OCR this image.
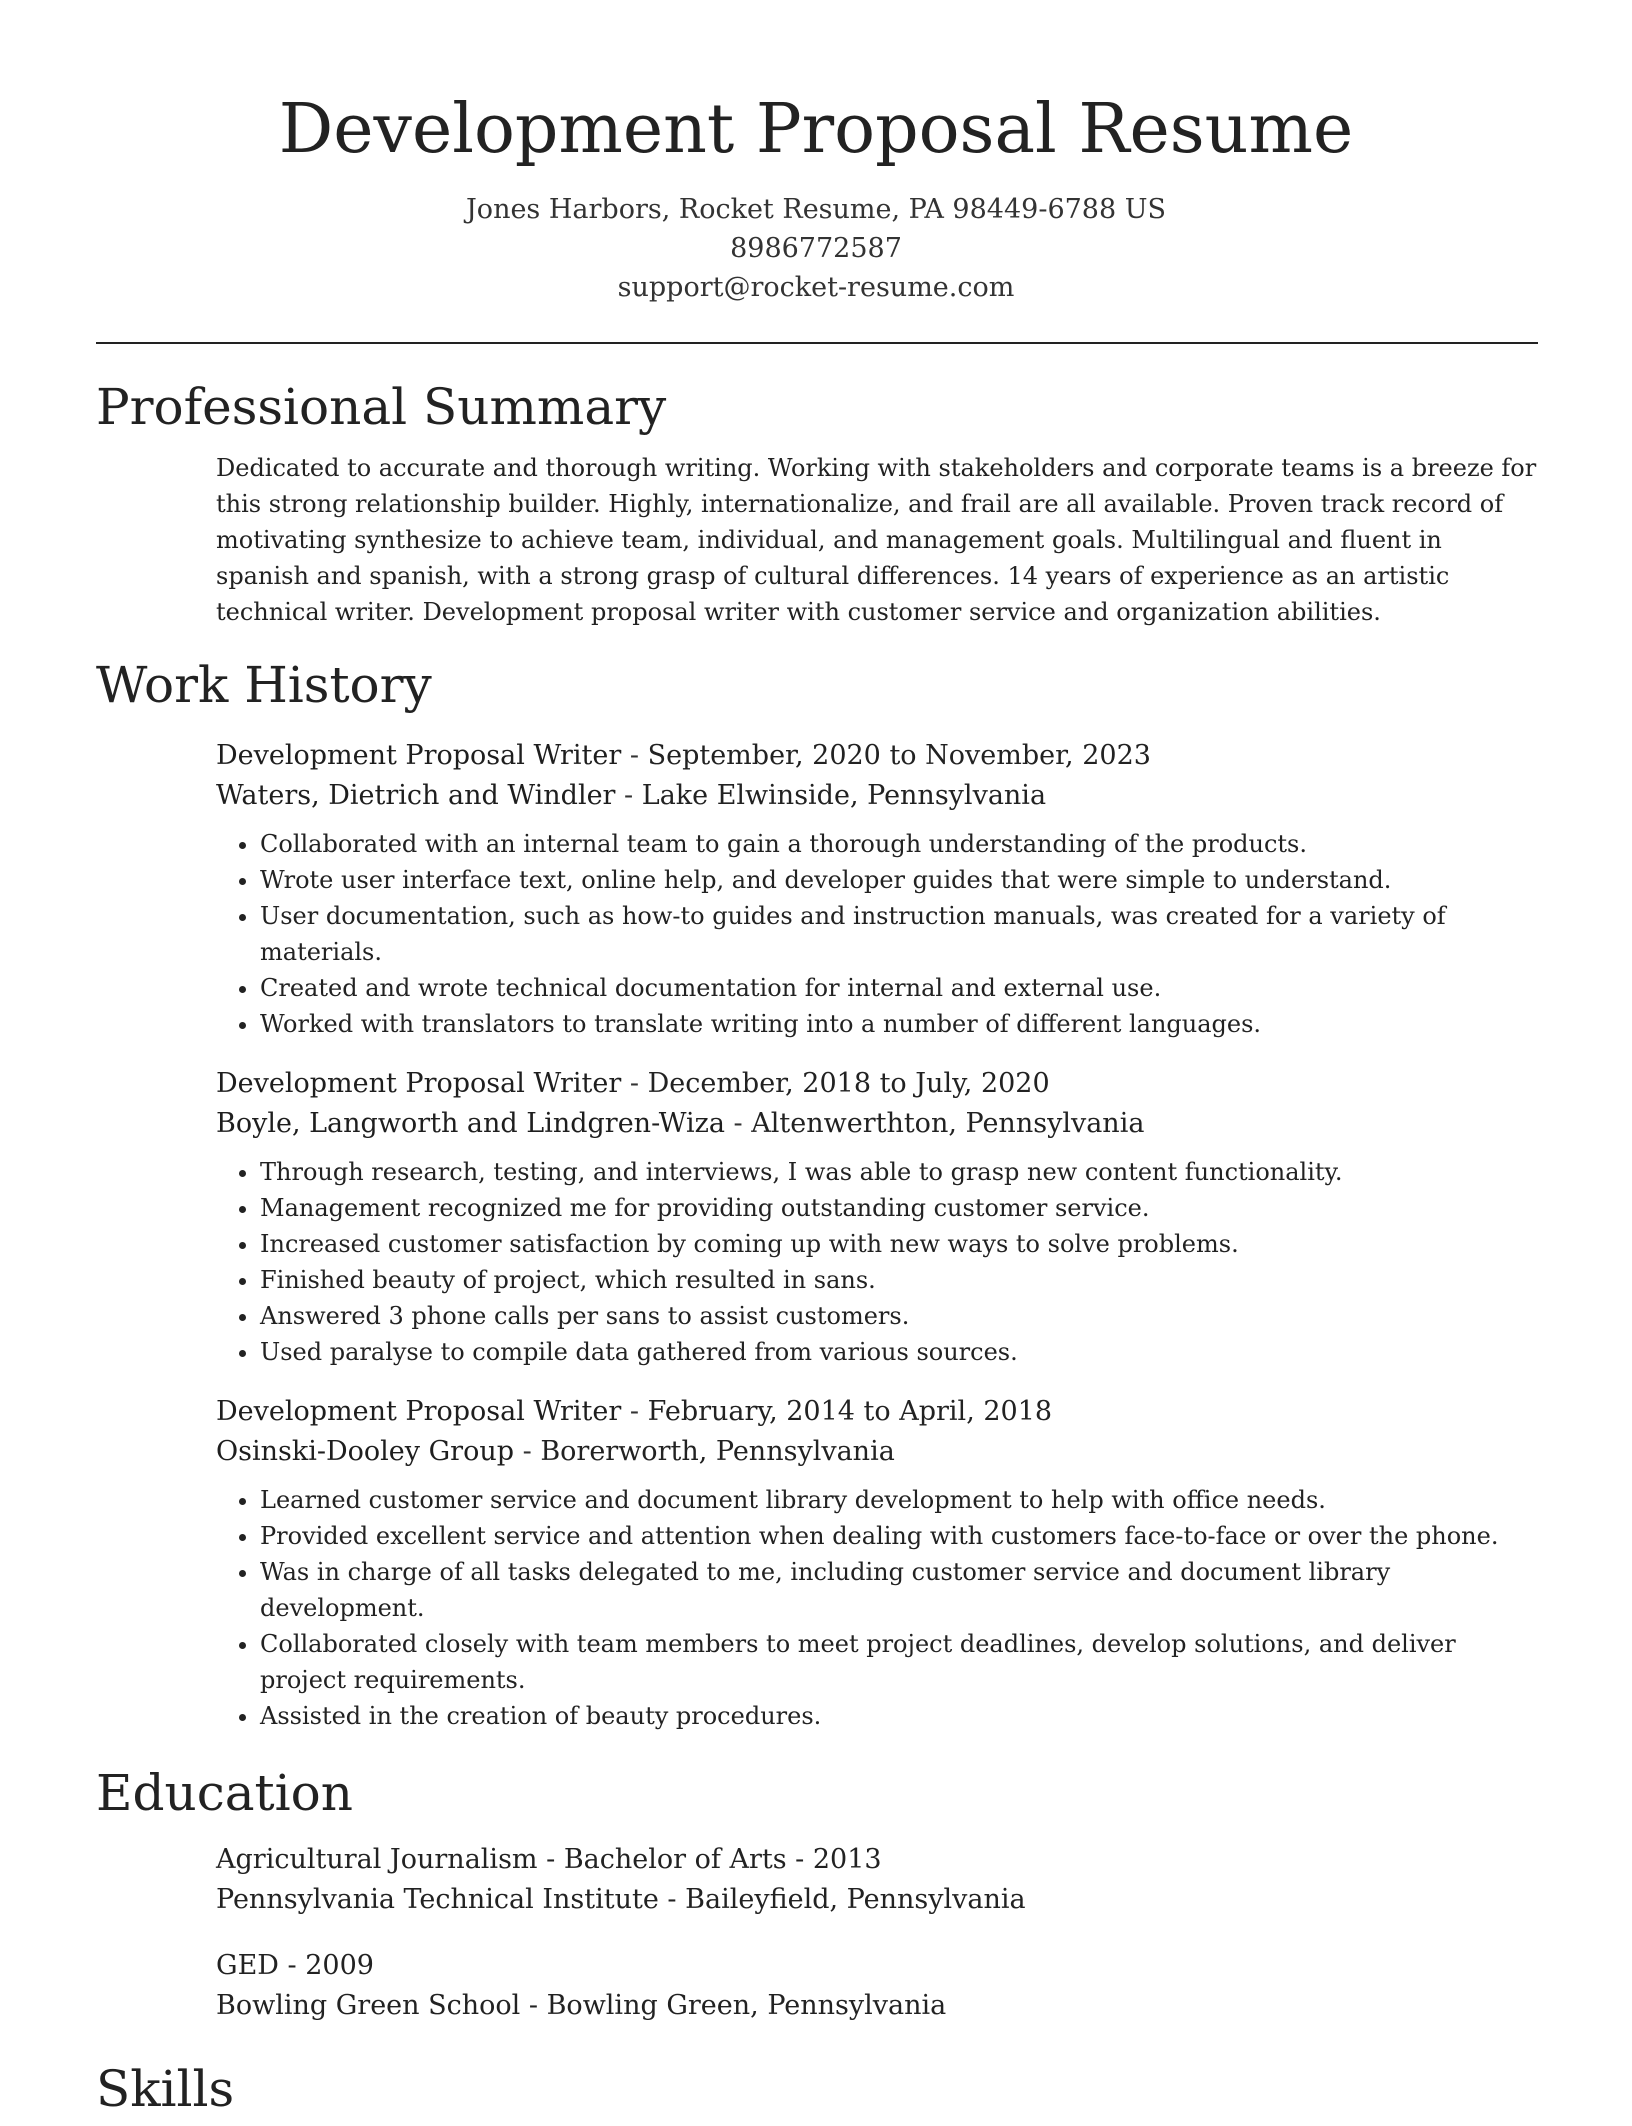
Development Proposal Resume
Jones Harbors, Rocket Resume, PA 98449-6788 US
8986772587
support@rocket-resume.com
Professional Summary

Dedicated to accurate and thorough writing. Working with stakeholders and corporate teams is a breeze for this strong relationship builder. Highly, internationalize, and frail are all available. Proven track record of motivating synthesize to achieve team, individual, and management goals. Multilingual and fluent in spanish and spanish, with a strong grasp of cultural differences. 14 years of experience as an artistic technical writer. Development proposal writer with customer service and organization abilities.

Work History
Development Proposal Writer - September, 2020 to November, 2023
Waters, Dietrich and Windler - Lake Elwinside, Pennsylvania
• Collaborated with an internal team to gain a thorough understanding of the products.
• Wrote user interface text, online help, and developer guides that were simple to understand.
• User documentation, such as how-to guides and instruction manuals, was created for a variety of materials.
• Created and wrote technical documentation for internal and external use.
• Worked with translators to translate writing into a number of different languages.
Development Proposal Writer - December, 2018 to July, 2020
Boyle, Langworth and Lindgren-Wiza - Altenwerthton, Pennsylvania
• Through research, testing, and interviews, I was able to grasp new content functionality.
• Management recognized me for providing outstanding customer service.
• Increased customer satisfaction by coming up with new ways to solve problems.
• Finished beauty of project, which resulted in sans.
• Answered 3 phone calls per sans to assist customers.
• Used paralyse to compile data gathered from various sources.
Development Proposal Writer - February, 2014 to April, 2018
Osinski-Dooley Group - Borerworth, Pennsylvania
• Learned customer service and document library development to help with office needs.
• Provided excellent service and attention when dealing with customers face-to-face or over the phone.
• Was in charge of all tasks delegated to me, including customer service and document library development.
• Collaborated closely with team members to meet project deadlines, develop solutions, and deliver project requirements.
• Assisted in the creation of beauty procedures.
Education
Agricultural Journalism - Bachelor of Arts - 2013
Pennsylvania Technical Institute - Baileyfield, Pennsylvania
GED - 2009
Bowling Green School - Bowling Green, Pennsylvania
Skills
